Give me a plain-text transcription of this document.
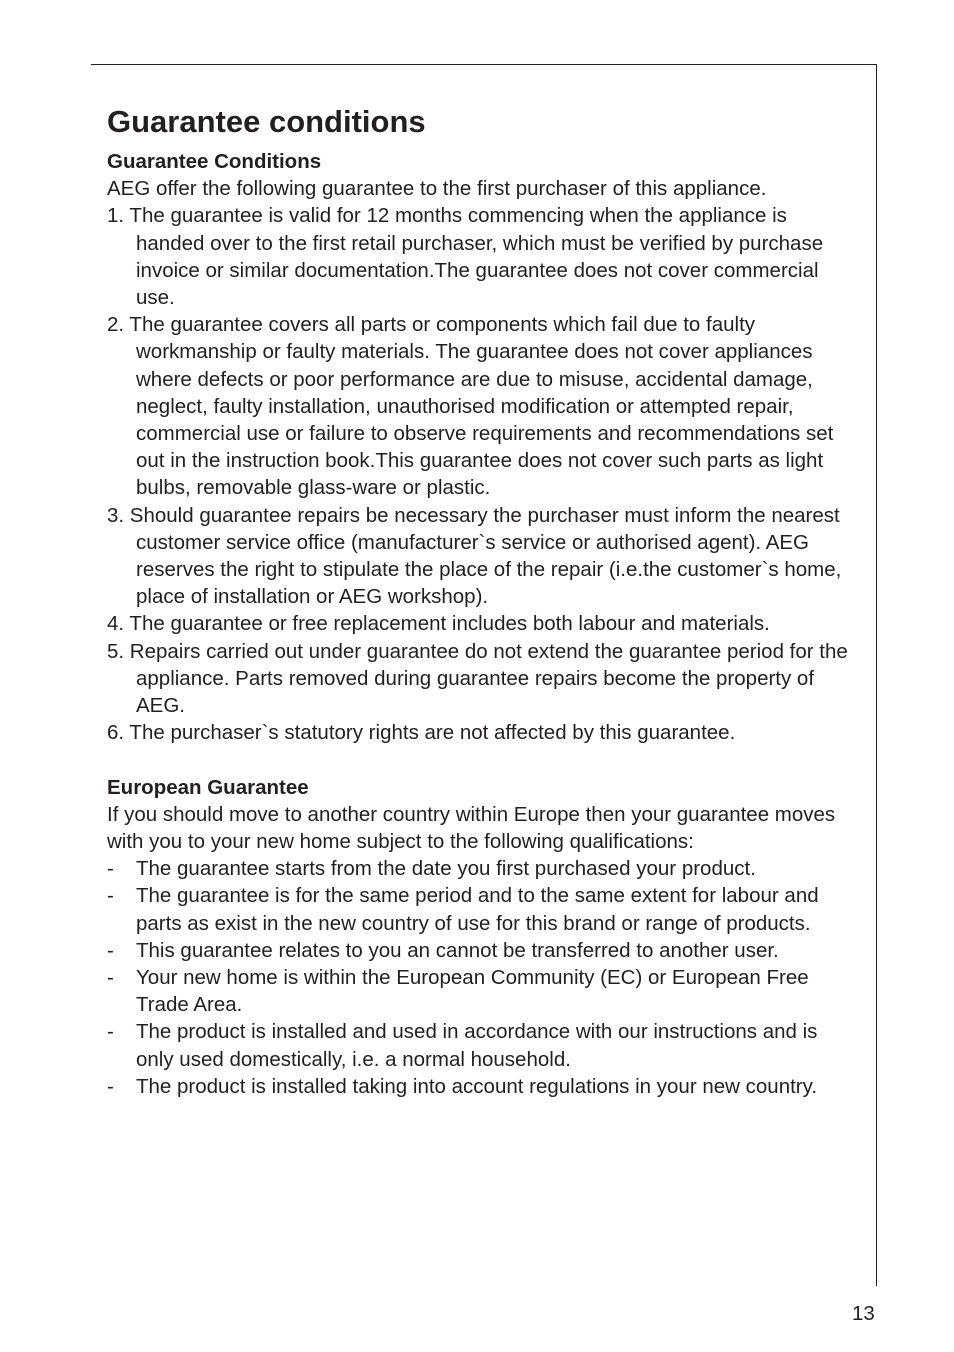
Guarantee conditions
Guarantee Conditions

AEG offer the following guarantee to the first purchaser of this appliance.

1. The guarantee is valid for 12 months commencing when the appliance is handed over to the first retail purchaser, which must be verified by purchase invoice or similar documentation.The guarantee does not cover commercial use.
2. The guarantee covers all parts or components which fail due to faulty workmanship or faulty materials. The guarantee does not cover appliances where defects or poor performance are due to misuse, accidental damage, neglect, faulty installation, unauthorised modification or attempted repair, commercial use or failure to observe requirements and recommendations set out in the instruction book.This guarantee does not cover such parts as light bulbs, removable glass-ware or plastic.
3. Should guarantee repairs be necessary the purchaser must inform the nearest customer service office (manufacturer`s service or authorised agent). AEG reserves the right to stipulate the place of the repair (i.e.the customer`s home, place of installation or AEG workshop).
4. The guarantee or free replacement includes both labour and materials.
5. Repairs carried out under guarantee do not extend the guarantee period for the appliance. Parts removed during guarantee repairs become the property of AEG.
6. The purchaser`s statutory rights are not affected by this guarantee.
European Guarantee

If you should move to another country within Europe then your guarantee moves with you to your new home subject to the following qualifications:

-	The guarantee starts from the date you first purchased your product.
-	The guarantee is for the same period and to the same extent for labour and parts as exist in the new country of use for this brand or range of products.
-	This guarantee relates to you an cannot be transferred to another user.
-	Your new home is within the European Community (EC) or European Free Trade Area.
-	The product is installed and used in accordance with our instructions and is only used domestically, i.e. a normal household.
-	The product is installed taking into account regulations in your new country.
13
